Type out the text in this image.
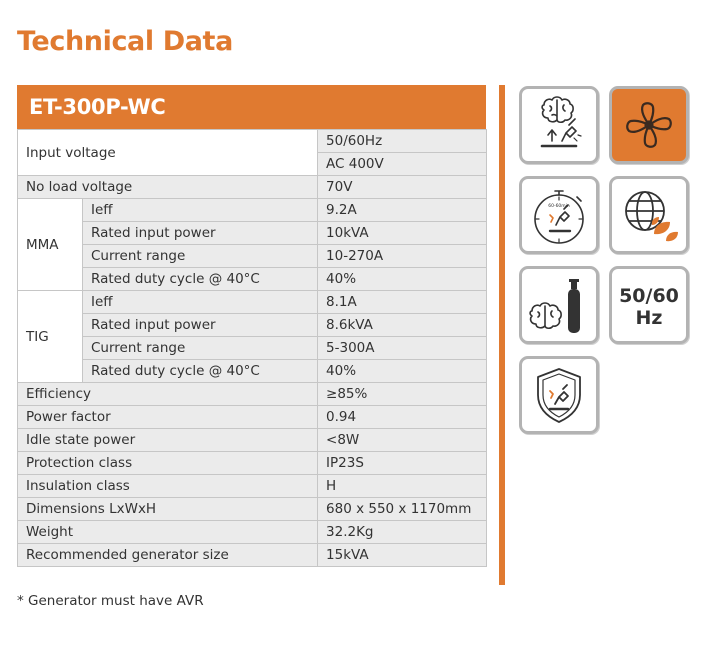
Technical Data
ET-300P-WC
Input voltage		50/60Hz
		AC 400V
No load voltage		70V
MMA	Ieff	9.2A
	Rated input power	10kVA
	Current range	10-270A
	Rated duty cycle @ 40°C	40%
TIG	Ieff	8.1A
	Rated input power	8.6kVA
	Current range	5-300A
	Rated duty cycle @ 40°C	40%
Efficiency		≥85%
Power factor		0.94
Idle state power		<8W
Protection class		IP23S
Insulation class		H
Dimensions LxWxH		680 x 550 x 1170mm
Weight		32.2Kg
Recommended generator size		15kVA
* Generator must have AVR
60-60min
50/60
Hz
